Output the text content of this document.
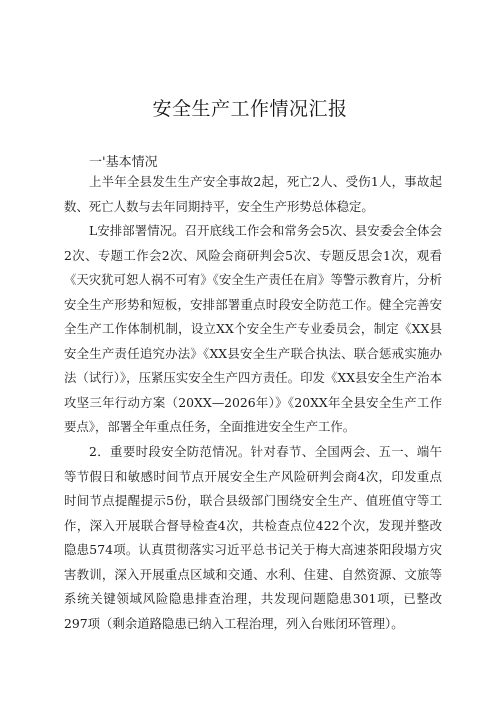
安全生产工作情况汇报
一'基本情况

上半年全县发生生产安全事故2起，死亡2人、受伤1人，事故起数、死亡人数与去年同期持平，安全生产形势总体稳定。

L安排部署情况。召开底线工作会和常务会5次、县安委会全体会2次、专题工作会2次、风险会商研判会5次、专题反思会1次，观看《天灾犹可恕人祸不可宥》《安全生产责任在肩》等警示教育片，分析安全生产形势和短板，安排部署重点时段安全防范工作。健全完善安全生产工作体制机制，设立XX个安全生产专业委员会，制定《XX县安全生产责任追究办法》《XX县安全生产联合执法、联合惩戒实施办法（试行）》，压紧压实安全生产四方责任。印发《XX县安全生产治本攻坚三年行动方案（20XX—2026年）》《20XX年全县安全生产工作要点》，部署全年重点任务，全面推进安全生产工作。

2．重要时段安全防范情况。针对春节、全国两会、五一、端午等节假日和敏感时间节点开展安全生产风险研判会商4次，印发重点时间节点提醒提示5份，联合县级部门围绕安全生产、值班值守等工作，深入开展联合督导检查4次，共检查点位422个次，发现并整改隐患574项。认真贯彻落实习近平总书记关于梅大高速茶阳段塌方灾害教训，深入开展重点区域和交通、水利、住建、自然资源、文旅等系统关键领域风险隐患排查治理，共发现问题隐患301项，已整改297项（剩余道路隐患已纳入工程治理，列入台账闭环管理）。
